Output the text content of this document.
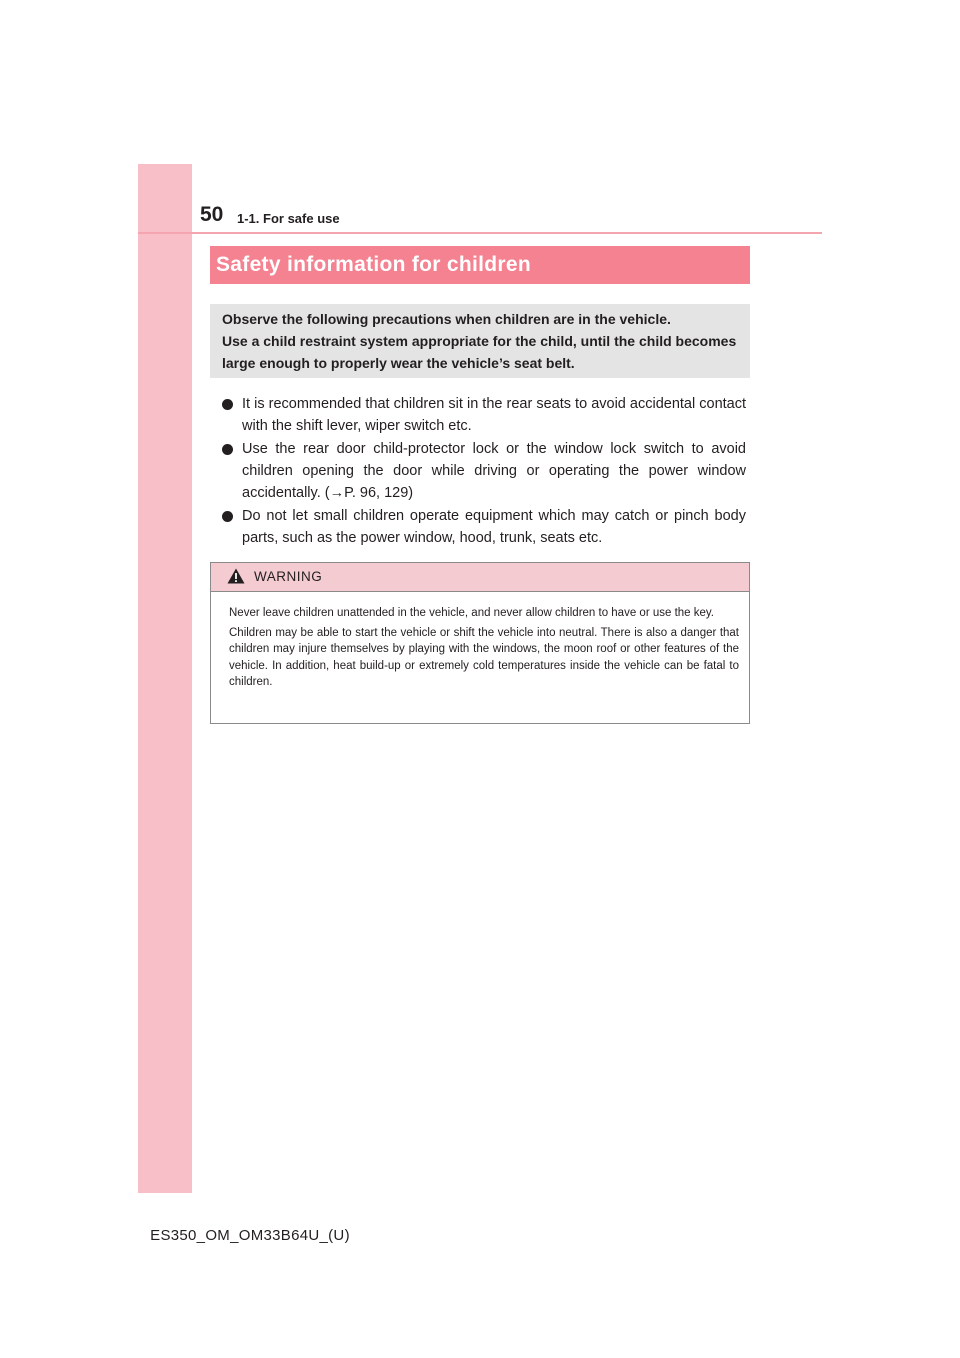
50 1-1. For safe use
Safety information for children
Observe the following precautions when children are in the vehicle.
Use a child restraint system appropriate for the child, until the child becomes
large enough to properly wear the vehicle’s seat belt.
It is recommended that children sit in the rear seats to avoid accidental contact with the shift lever, wiper switch etc.
Use the rear door child-protector lock or the window lock switch to avoid children opening the door while driving or operating the power window accidentally. (→P. 96, 129)
Do not let small children operate equipment which may catch or pinch body parts, such as the power window, hood, trunk, seats etc.
WARNING

Never leave children unattended in the vehicle, and never allow children to have or use the key.

Children may be able to start the vehicle or shift the vehicle into neutral. There is also a danger that children may injure themselves by playing with the windows, the moon roof or other features of the vehicle. In addition, heat build-up or extremely cold temperatures inside the vehicle can be fatal to children.

ES350_OM_OM33B64U_(U)
